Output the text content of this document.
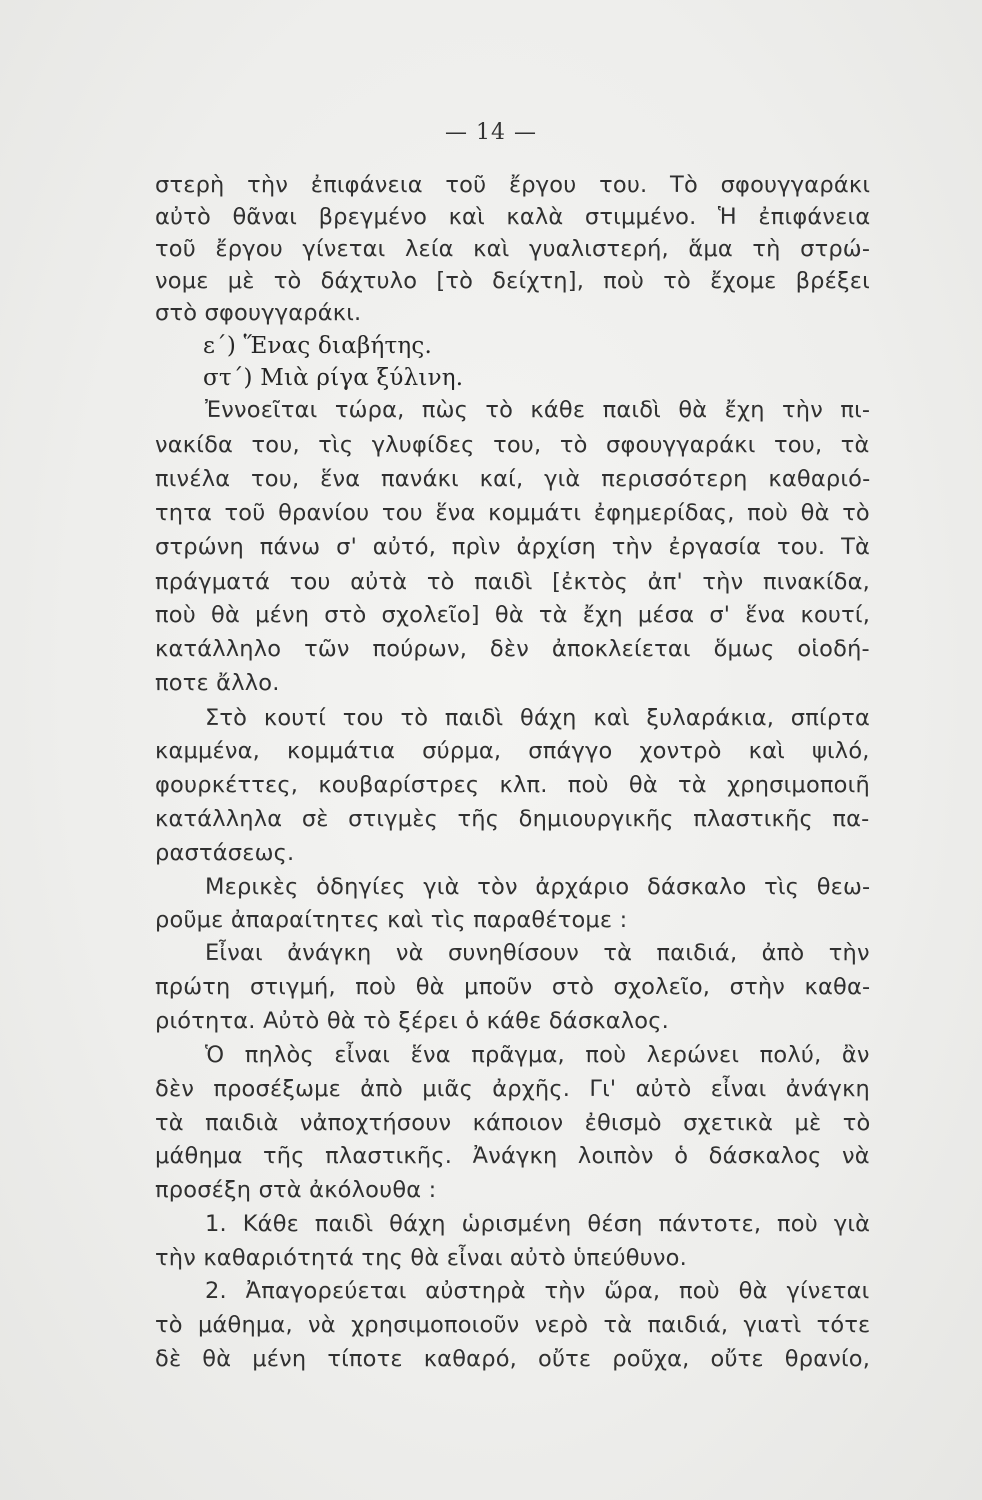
— 14 —
στερὴ τὴν ἐπιφάνεια τοῦ ἔργου του. Τὸ σφουγγαράκι
αὐτὸ θᾶναι βρεγμένο καὶ καλὰ στιμμένο. Ἡ ἐπιφάνεια
τοῦ ἔργου γίνεται λεία καὶ γυαλιστερή, ἅμα τὴ στρώ-
νομε μὲ τὸ δάχτυλο [τὸ δείχτη], ποὺ τὸ ἔχομε βρέξει
στὸ σφουγγαράκι.
ε΄) Ἕνας διαβήτης.
στ΄) Μιὰ ρίγα ξύλινη.
Ἐννοεῖται τώρα, πὼς τὸ κάθε παιδὶ θὰ ἔχη τὴν πι-
νακίδα του, τὶς γλυφίδες του, τὸ σφουγγαράκι του, τὰ
πινέλα του, ἕνα πανάκι καί, γιὰ περισσότερη καθαριό-
τητα τοῦ θρανίου του ἕνα κομμάτι ἐφημερίδας, ποὺ θὰ τὸ
στρώνη πάνω σ' αὐτό, πρὶν ἀρχίση τὴν ἐργασία του. Τὰ
πράγματά του αὐτὰ τὸ παιδὶ [ἐκτὸς ἀπ' τὴν πινακίδα,
ποὺ θὰ μένη στὸ σχολεῖο] θὰ τὰ ἔχη μέσα σ' ἕνα κουτί,
κατάλληλο τῶν πούρων, δὲν ἀποκλείεται ὅμως οἱοδή-
ποτε ἄλλο.
Στὸ κουτί του τὸ παιδὶ θάχη καὶ ξυλαράκια, σπίρτα
καμμένα, κομμάτια σύρμα, σπάγγο χοντρὸ καὶ ψιλό,
φουρκέττες, κουβαρίστρες κλπ. ποὺ θὰ τὰ χρησιμοποιῆ
κατάλληλα σὲ στιγμὲς τῆς δημιουργικῆς πλαστικῆς πα-
ραστάσεως.
Μερικὲς ὁδηγίες γιὰ τὸν ἀρχάριο δάσκαλο τὶς θεω-
ροῦμε ἀπαραίτητες καὶ τὶς παραθέτομε :
Εἶναι ἀνάγκη νὰ συνηθίσουν τὰ παιδιά, ἀπὸ τὴν
πρώτη στιγμή, ποὺ θὰ μποῦν στὸ σχολεῖο, στὴν καθα-
ριότητα. Αὐτὸ θὰ τὸ ξέρει ὁ κάθε δάσκαλος.
Ὁ πηλὸς εἶναι ἕνα πρᾶγμα, ποὺ λερώνει πολύ, ἂν
δὲν προσέξωμε ἀπὸ μιᾶς ἀρχῆς. Γι' αὐτὸ εἶναι ἀνάγκη
τὰ παιδιὰ νἀποχτήσουν κάποιον ἐθισμὸ σχετικὰ μὲ τὸ
μάθημα τῆς πλαστικῆς. Ἀνάγκη λοιπὸν ὁ δάσκαλος νὰ
προσέξη στὰ ἀκόλουθα :
1. Κάθε παιδὶ θάχη ὡρισμένη θέση πάντοτε, ποὺ γιὰ
τὴν καθαριότητά της θὰ εἶναι αὐτὸ ὑπεύθυνο.
2. Ἀπαγορεύεται αὐστηρὰ τὴν ὥρα, ποὺ θὰ γίνεται
τὸ μάθημα, νὰ χρησιμοποιοῦν νερὸ τὰ παιδιά, γιατὶ τότε
δὲ θὰ μένη τίποτε καθαρό, οὔτε ροῦχα, οὔτε θρανίο,
